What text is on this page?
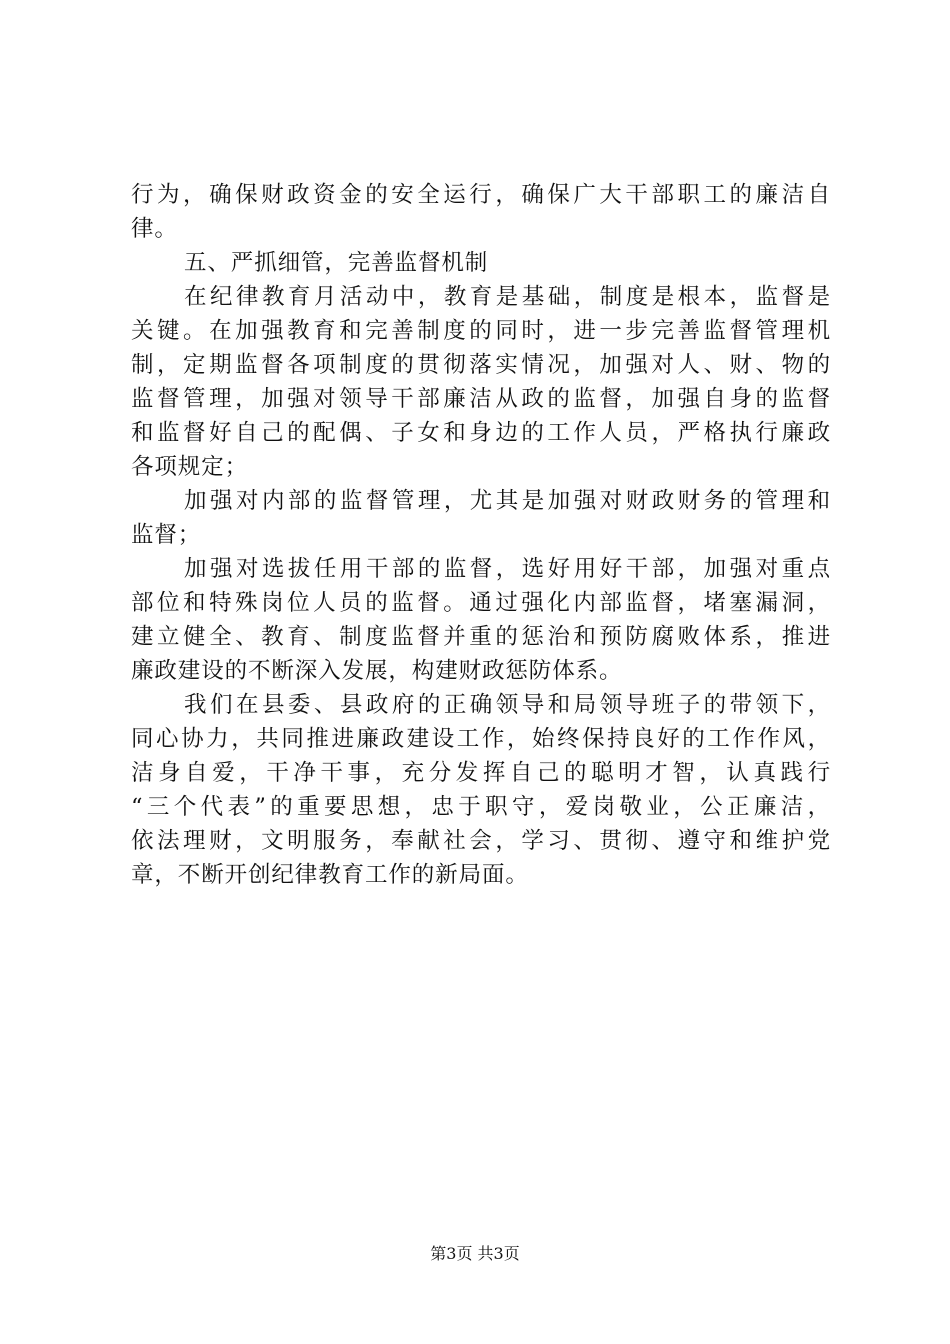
行为，确保财政资金的安全运行，确保广大干部职工的廉洁自
律。
五、严抓细管，完善监督机制
在纪律教育月活动中，教育是基础，制度是根本，监督是
关键。在加强教育和完善制度的同时，进一步完善监督管理机
制，定期监督各项制度的贯彻落实情况，加强对人、财、物的
监督管理，加强对领导干部廉洁从政的监督，加强自身的监督
和监督好自己的配偶、子女和身边的工作人员，严格执行廉政
各项规定；
加强对内部的监督管理，尤其是加强对财政财务的管理和
监督；
加强对选拔任用干部的监督，选好用好干部，加强对重点
部位和特殊岗位人员的监督。通过强化内部监督，堵塞漏洞，
建立健全、教育、制度监督并重的惩治和预防腐败体系，推进
廉政建设的不断深入发展，构建财政惩防体系。
我们在县委、县政府的正确领导和局领导班子的带领下，
同心协力，共同推进廉政建设工作，始终保持良好的工作作风，
洁身自爱，干净干事，充分发挥自己的聪明才智，认真践行
“三个代表”的重要思想，忠于职守，爱岗敬业，公正廉洁，
依法理财，文明服务，奉献社会，学习、贯彻、遵守和维护党
章，不断开创纪律教育工作的新局面。
第3页 共3页
